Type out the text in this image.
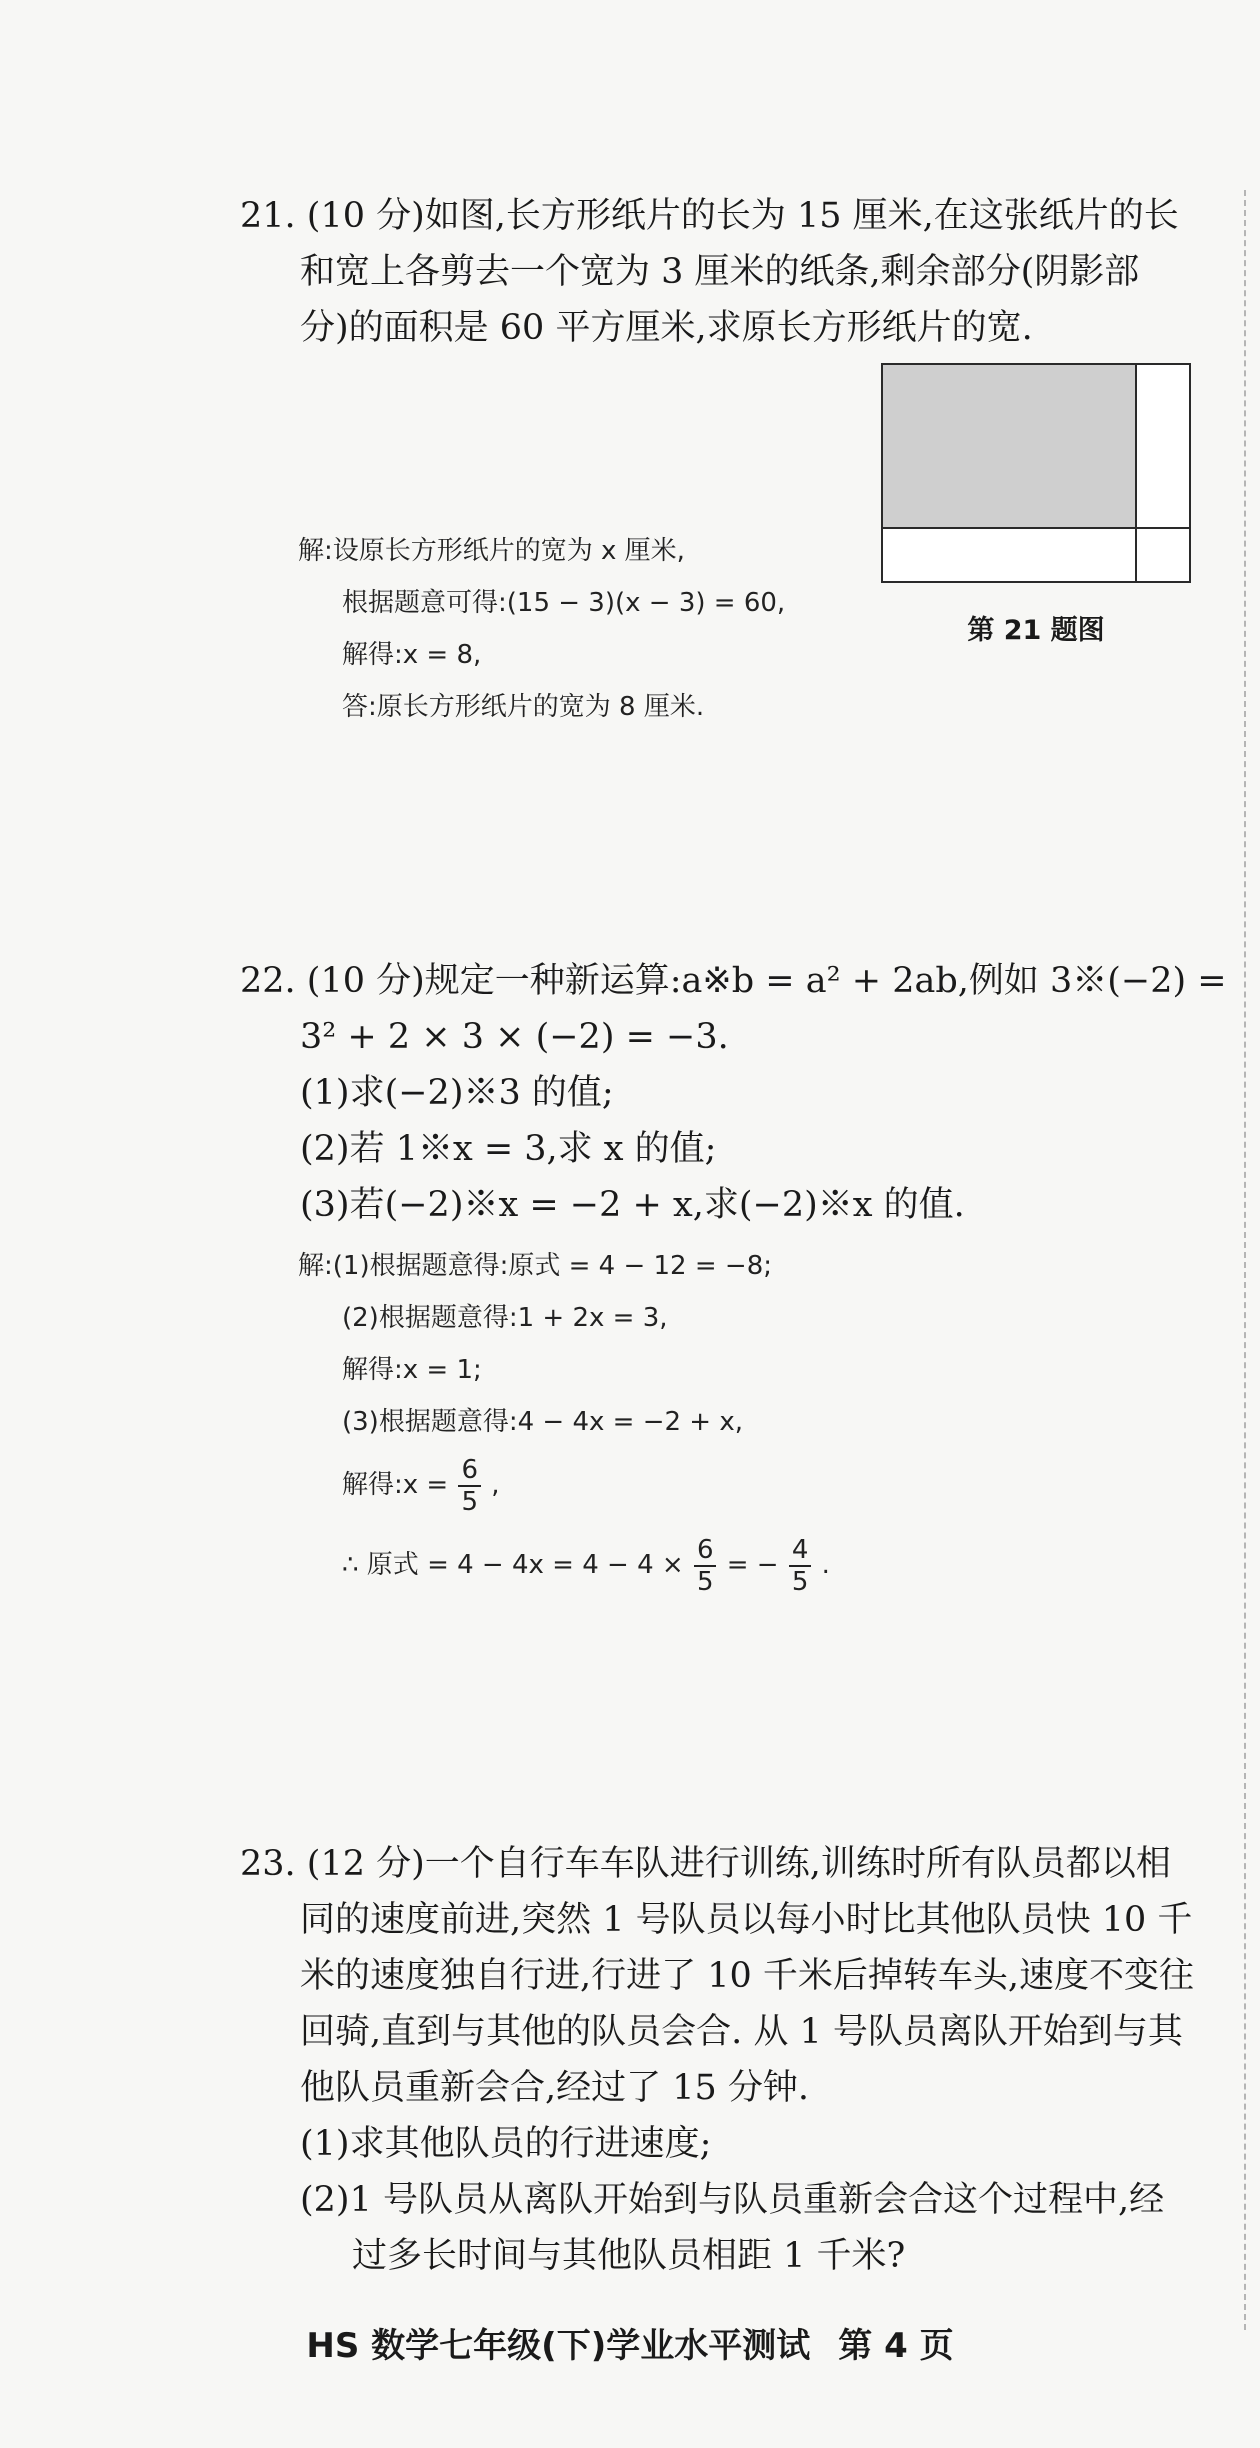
21. (10 分)如图,长方形纸片的长为 15 厘米,在这张纸片的长
和宽上各剪去一个宽为 3 厘米的纸条,剩余部分(阴影部
分)的面积是 60 平方厘米,求原长方形纸片的宽.
第 21 题图
解:设原长方形纸片的宽为 x 厘米,
根据题意可得:(15 − 3)(x − 3) = 60,
解得:x = 8,
答:原长方形纸片的宽为 8 厘米.
22. (10 分)规定一种新运算:a※b = a² + 2ab,例如 3※(−2) =
3² + 2 × 3 × (−2) = −3.
(1)求(−2)※3 的值;
(2)若 1※x = 3,求 x 的值;
(3)若(−2)※x = −2 + x,求(−2)※x 的值.
解:(1)根据题意得:原式 = 4 − 12 = −8;
(2)根据题意得:1 + 2x = 3,
解得:x = 1;
(3)根据题意得:4 − 4x = −2 + x,
解得:x = $\frac{6}{5}$ ,
∴ 原式 = $4 - 4x = 4 - 4 \times \frac{6}{5}$ = − $\frac{4}{5}$ .
23. (12 分)一个自行车车队进行训练,训练时所有队员都以相
同的速度前进,突然 1 号队员以每小时比其他队员快 10 千
米的速度独自行进,行进了 10 千米后掉转车头,速度不变往
回骑,直到与其他的队员会合. 从 1 号队员离队开始到与其
他队员重新会合,经过了 15 分钟.
(1)求其他队员的行进速度;
(2)1 号队员从离队开始到与队员重新会合这个过程中,经
过多长时间与其他队员相距 1 千米?
HS 数学七年级(下)学业水平测试 第 4 页
